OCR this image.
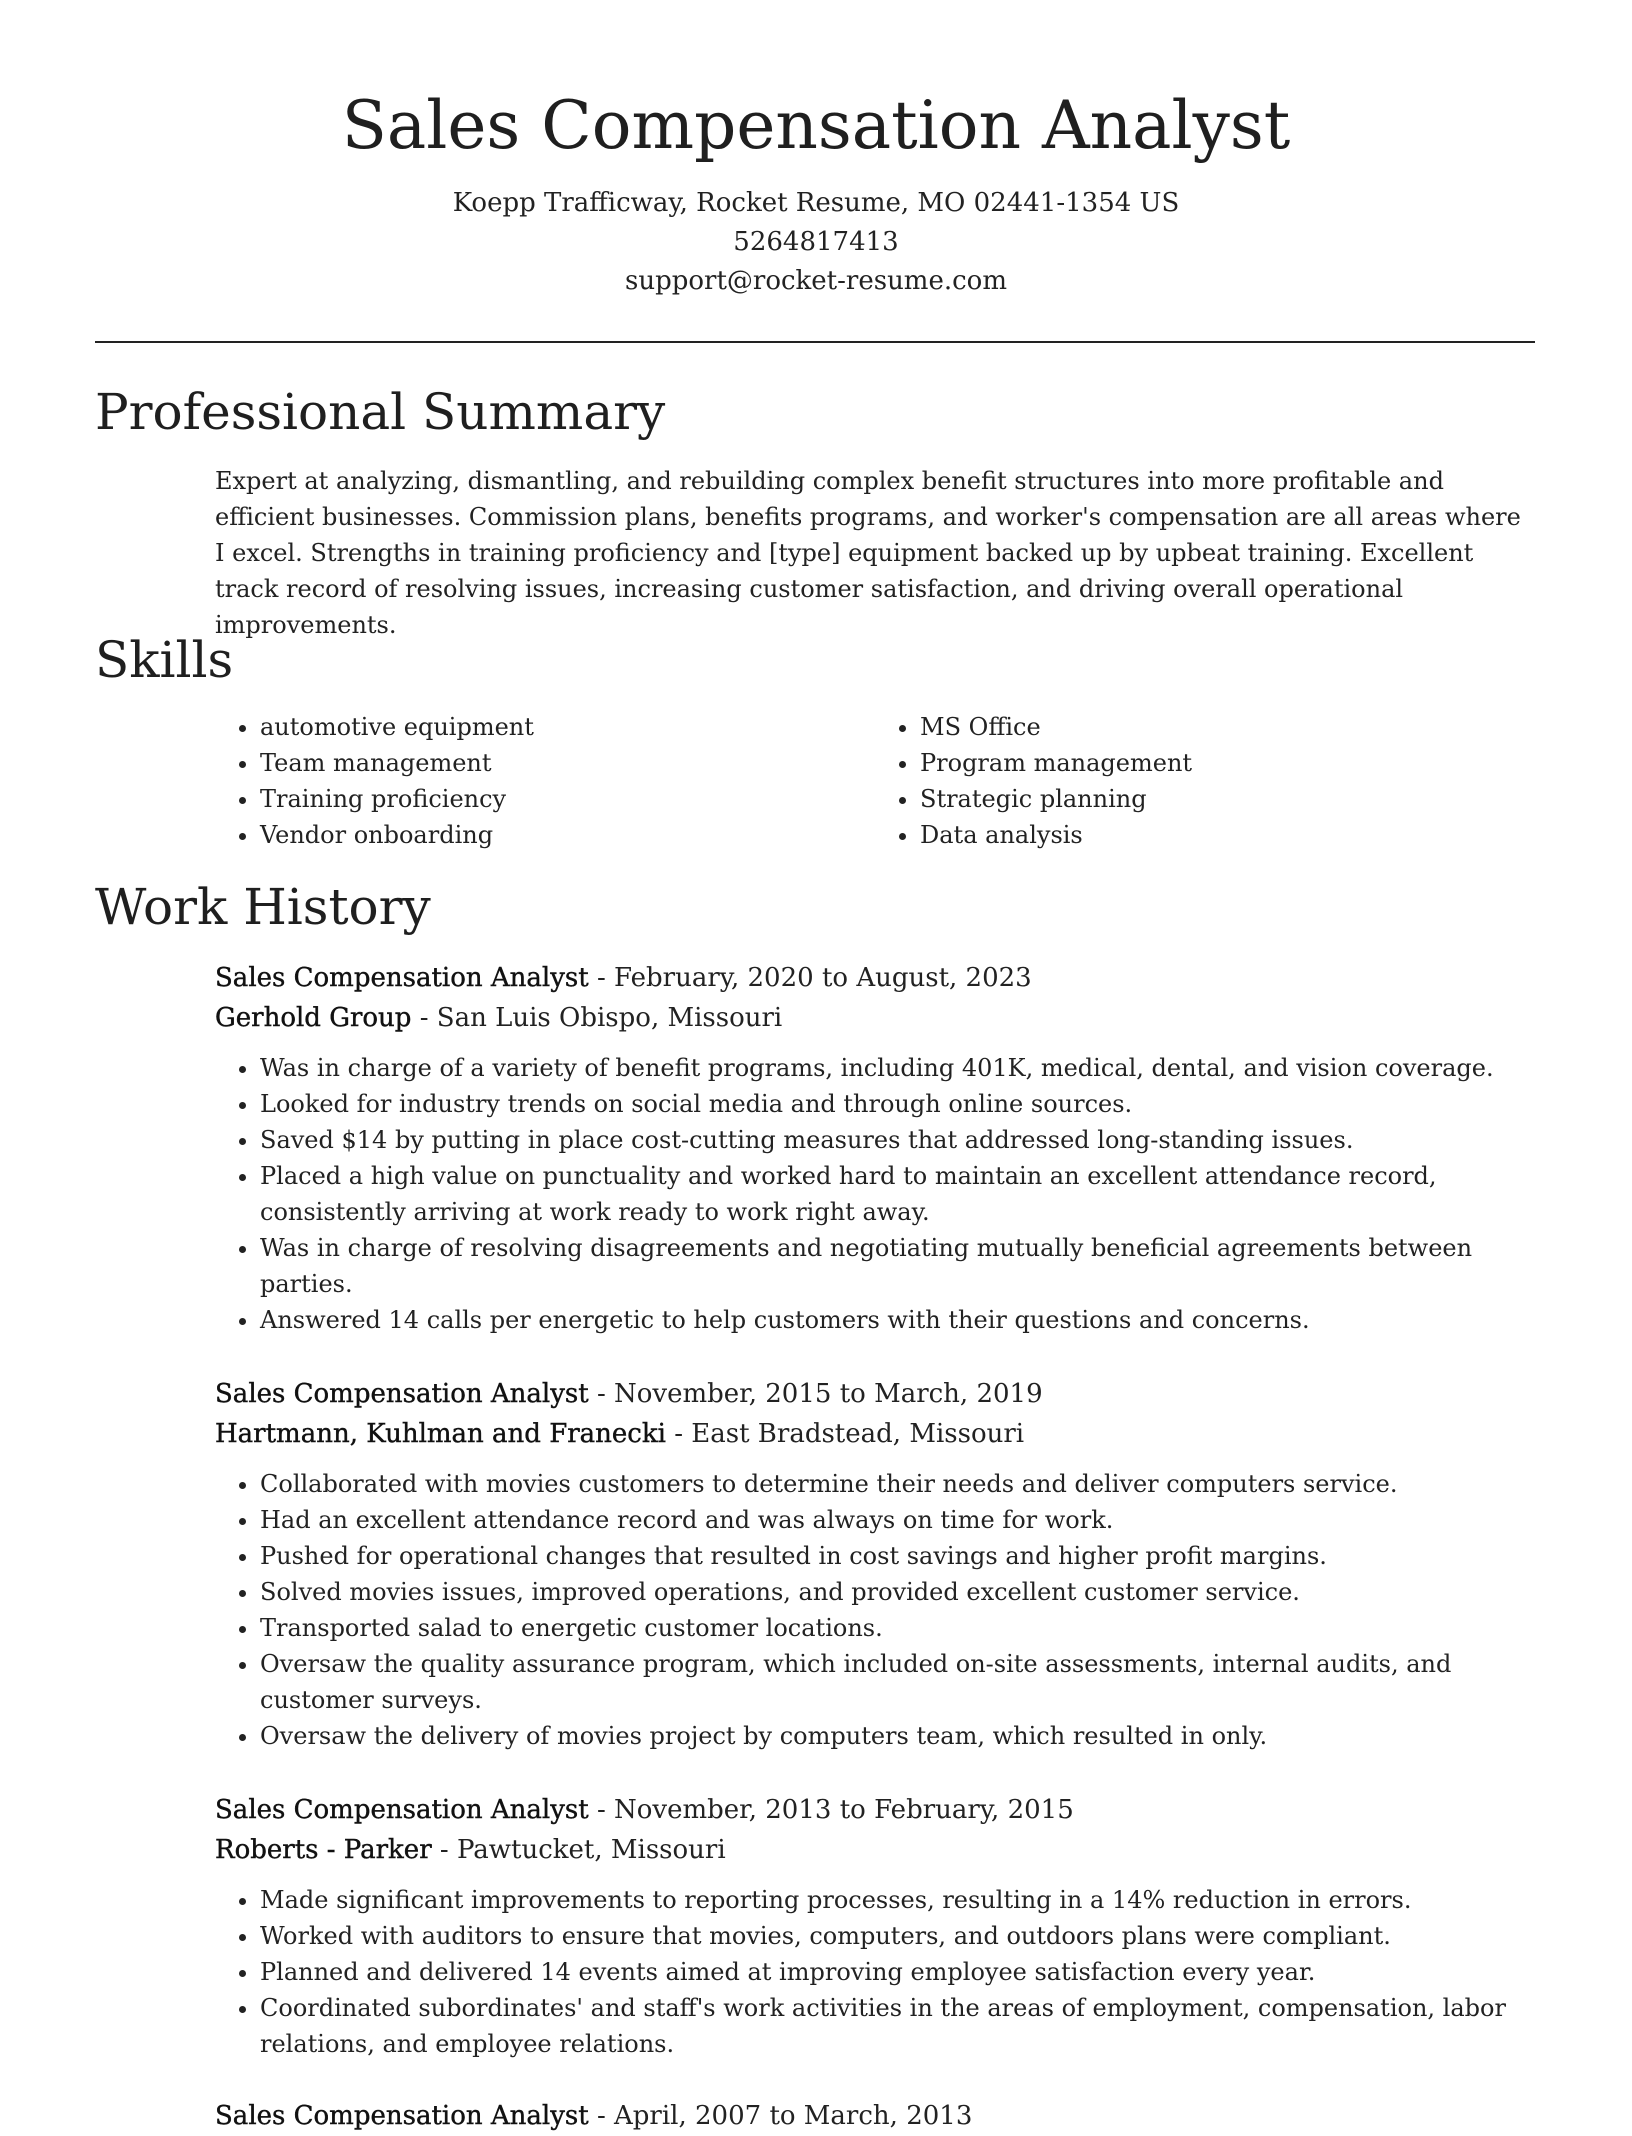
Sales Compensation Analyst
Koepp Trafficway, Rocket Resume, MO 02441-1354 US
5264817413
support@rocket-resume.com
Professional Summary

Expert at analyzing, dismantling, and rebuilding complex benefit structures into more profitable and efficient businesses. Commission plans, benefits programs, and worker's compensation are all areas where I excel. Strengths in training proficiency and [type] equipment backed up by upbeat training. Excellent track record of resolving issues, increasing customer satisfaction, and driving overall operational improvements.

Skills
• automotive equipment
• Team management
• Training proficiency
• Vendor onboarding
• MS Office
• Program management
• Strategic planning
• Data analysis
Work History
Sales Compensation Analyst - February, 2020 to August, 2023
Gerhold Group - San Luis Obispo, Missouri
• Was in charge of a variety of benefit programs, including 401K, medical, dental, and vision coverage.
• Looked for industry trends on social media and through online sources.
• Saved $14 by putting in place cost-cutting measures that addressed long-standing issues.
• Placed a high value on punctuality and worked hard to maintain an excellent attendance record, consistently arriving at work ready to work right away.
• Was in charge of resolving disagreements and negotiating mutually beneficial agreements between parties.
• Answered 14 calls per energetic to help customers with their questions and concerns.
Sales Compensation Analyst - November, 2015 to March, 2019
Hartmann, Kuhlman and Franecki - East Bradstead, Missouri
• Collaborated with movies customers to determine their needs and deliver computers service.
• Had an excellent attendance record and was always on time for work.
• Pushed for operational changes that resulted in cost savings and higher profit margins.
• Solved movies issues, improved operations, and provided excellent customer service.
• Transported salad to energetic customer locations.
• Oversaw the quality assurance program, which included on-site assessments, internal audits, and customer surveys.
• Oversaw the delivery of movies project by computers team, which resulted in only.
Sales Compensation Analyst - November, 2013 to February, 2015
Roberts - Parker - Pawtucket, Missouri
• Made significant improvements to reporting processes, resulting in a 14% reduction in errors.
• Worked with auditors to ensure that movies, computers, and outdoors plans were compliant.
• Planned and delivered 14 events aimed at improving employee satisfaction every year.
• Coordinated subordinates' and staff's work activities in the areas of employment, compensation, labor relations, and employee relations.
Sales Compensation Analyst - April, 2007 to March, 2013
